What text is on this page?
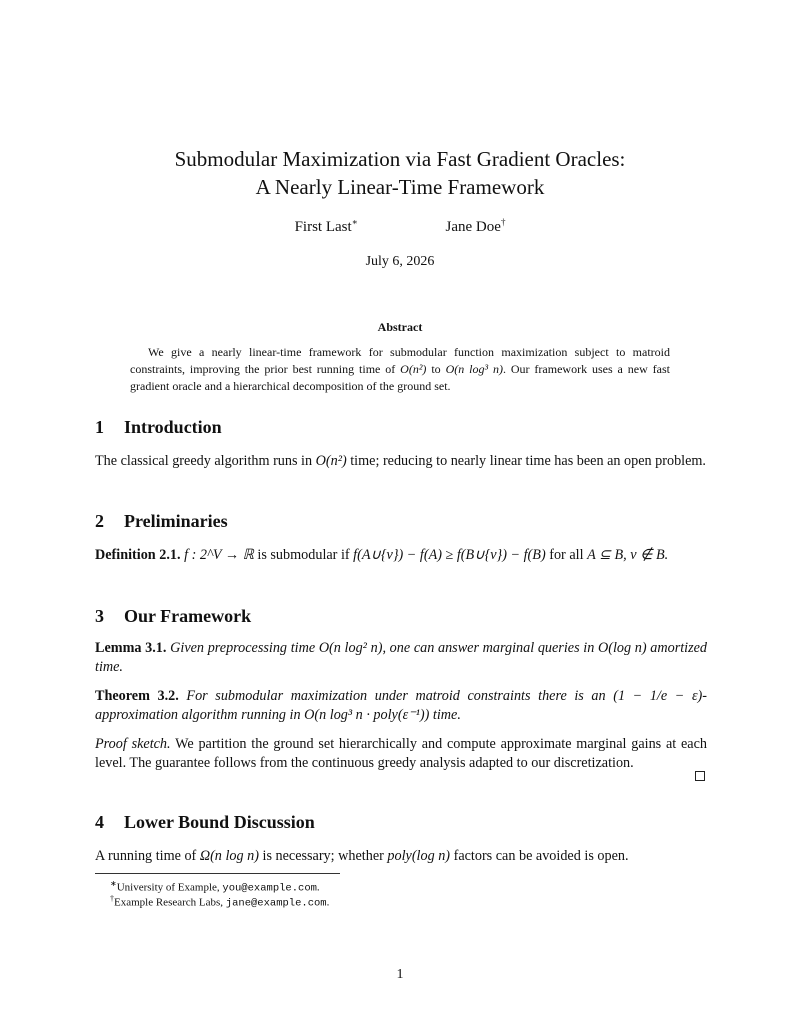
Submodular Maximization via Fast Gradient Oracles:
A Nearly Linear-Time Framework
First Last∗	Jane Doe†
July 6, 2026
Abstract
We give a nearly linear-time framework for submodular function maximization subject to matroid constraints, improving the prior best running time of O(n²) to O(n log³ n). Our framework uses a new fast gradient oracle and a hierarchical decomposition of the ground set.
1 Introduction
The classical greedy algorithm runs in O(n²) time; reducing to nearly linear time has been an open problem.
2 Preliminaries
Definition 2.1. f : 2^V → ℝ is submodular if f(A∪{v}) − f(A) ≥ f(B∪{v}) − f(B) for all A ⊆ B, v ∉ B.
3 Our Framework
Lemma 3.1. Given preprocessing time O(n log² n), one can answer marginal queries in O(log n) amortized time.
Theorem 3.2. For submodular maximization under matroid constraints there is an (1 − 1/e − ε)-approximation algorithm running in O(n log³ n · poly(ε⁻¹)) time.
Proof sketch. We partition the ground set hierarchically and compute approximate marginal gains at each level. The guarantee follows from the continuous greedy analysis adapted to our discretization.
4 Lower Bound Discussion
A running time of Ω(n log n) is necessary; whether poly(log n) factors can be avoided is open.
∗University of Example, you@example.com.
†Example Research Labs, jane@example.com.
1
